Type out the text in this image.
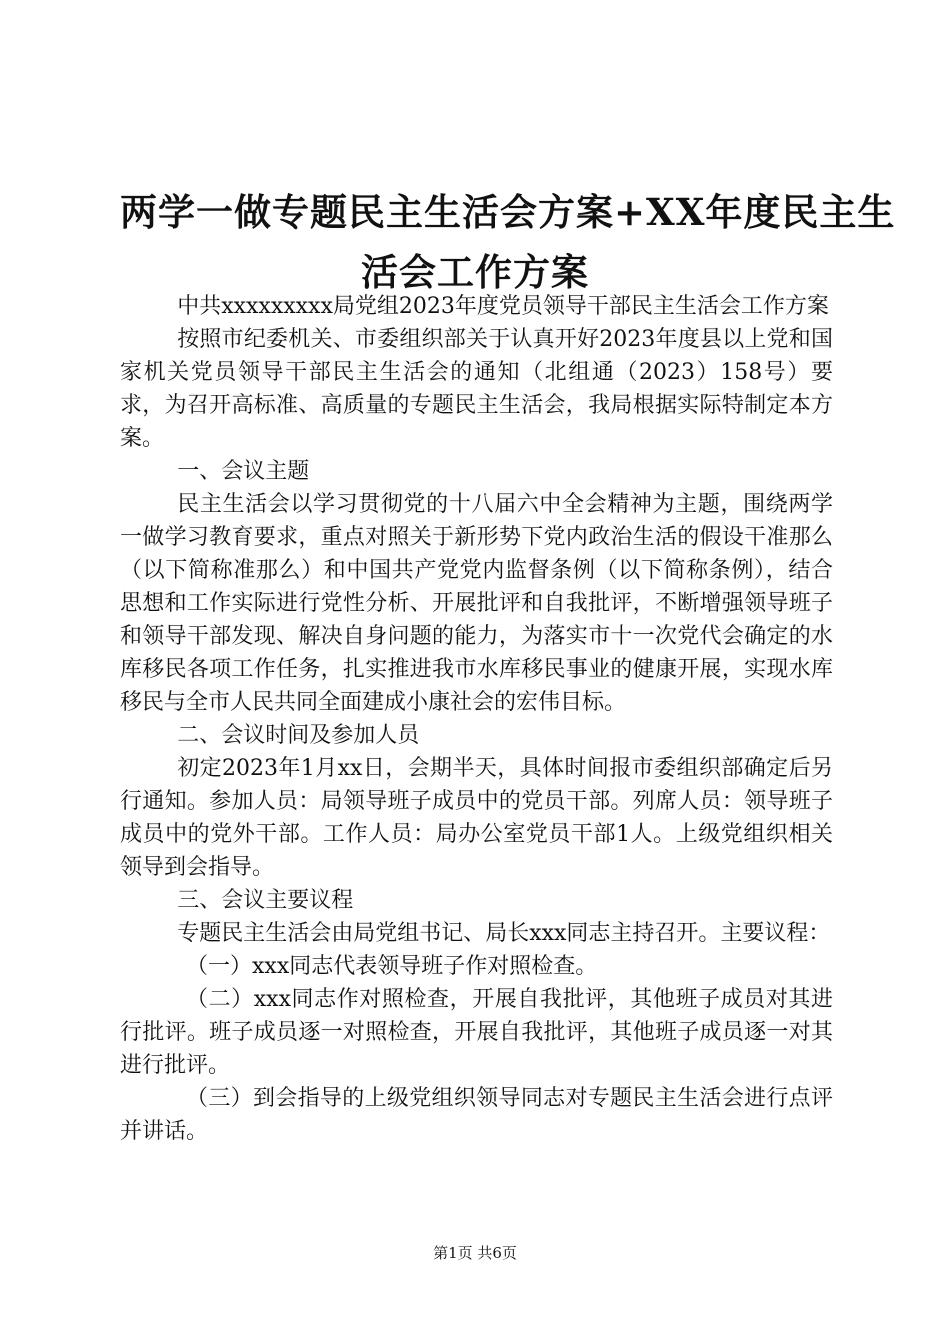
两学一做专题民主生活会方案+XX年度民主生
活会工作方案

中共xxxxxxxxx局党组2023年度党员领导干部民主生活会工作方案

按照市纪委机关、市委组织部关于认真开好2023年度县以上党和国家机关党员领导干部民主生活会的通知（北组通（2023）158号）要求，为召开高标准、高质量的专题民主生活会，我局根据实际特制定本方案。

一、会议主题

民主生活会以学习贯彻党的十八届六中全会精神为主题，围绕两学一做学习教育要求，重点对照关于新形势下党内政治生活的假设干准那么（以下简称准那么）和中国共产党党内监督条例（以下简称条例），结合思想和工作实际进行党性分析、开展批评和自我批评，不断增强领导班子和领导干部发现、解决自身问题的能力，为落实市十一次党代会确定的水库移民各项工作任务，扎实推进我市水库移民事业的健康开展，实现水库移民与全市人民共同全面建成小康社会的宏伟目标。

二、会议时间及参加人员

初定2023年1月xx日，会期半天，具体时间报市委组织部确定后另行通知。参加人员：局领导班子成员中的党员干部。列席人员：领导班子成员中的党外干部。工作人员：局办公室党员干部1人。上级党组织相关领导到会指导。

三、会议主要议程

专题民主生活会由局党组书记、局长xxx同志主持召开。主要议程：

（一）xxx同志代表领导班子作对照检查。

（二）xxx同志作对照检查，开展自我批评，其他班子成员对其进行批评。班子成员逐一对照检查，开展自我批评，其他班子成员逐一对其进行批评。

（三）到会指导的上级党组织领导同志对专题民主生活会进行点评并讲话。

第1页 共6页
